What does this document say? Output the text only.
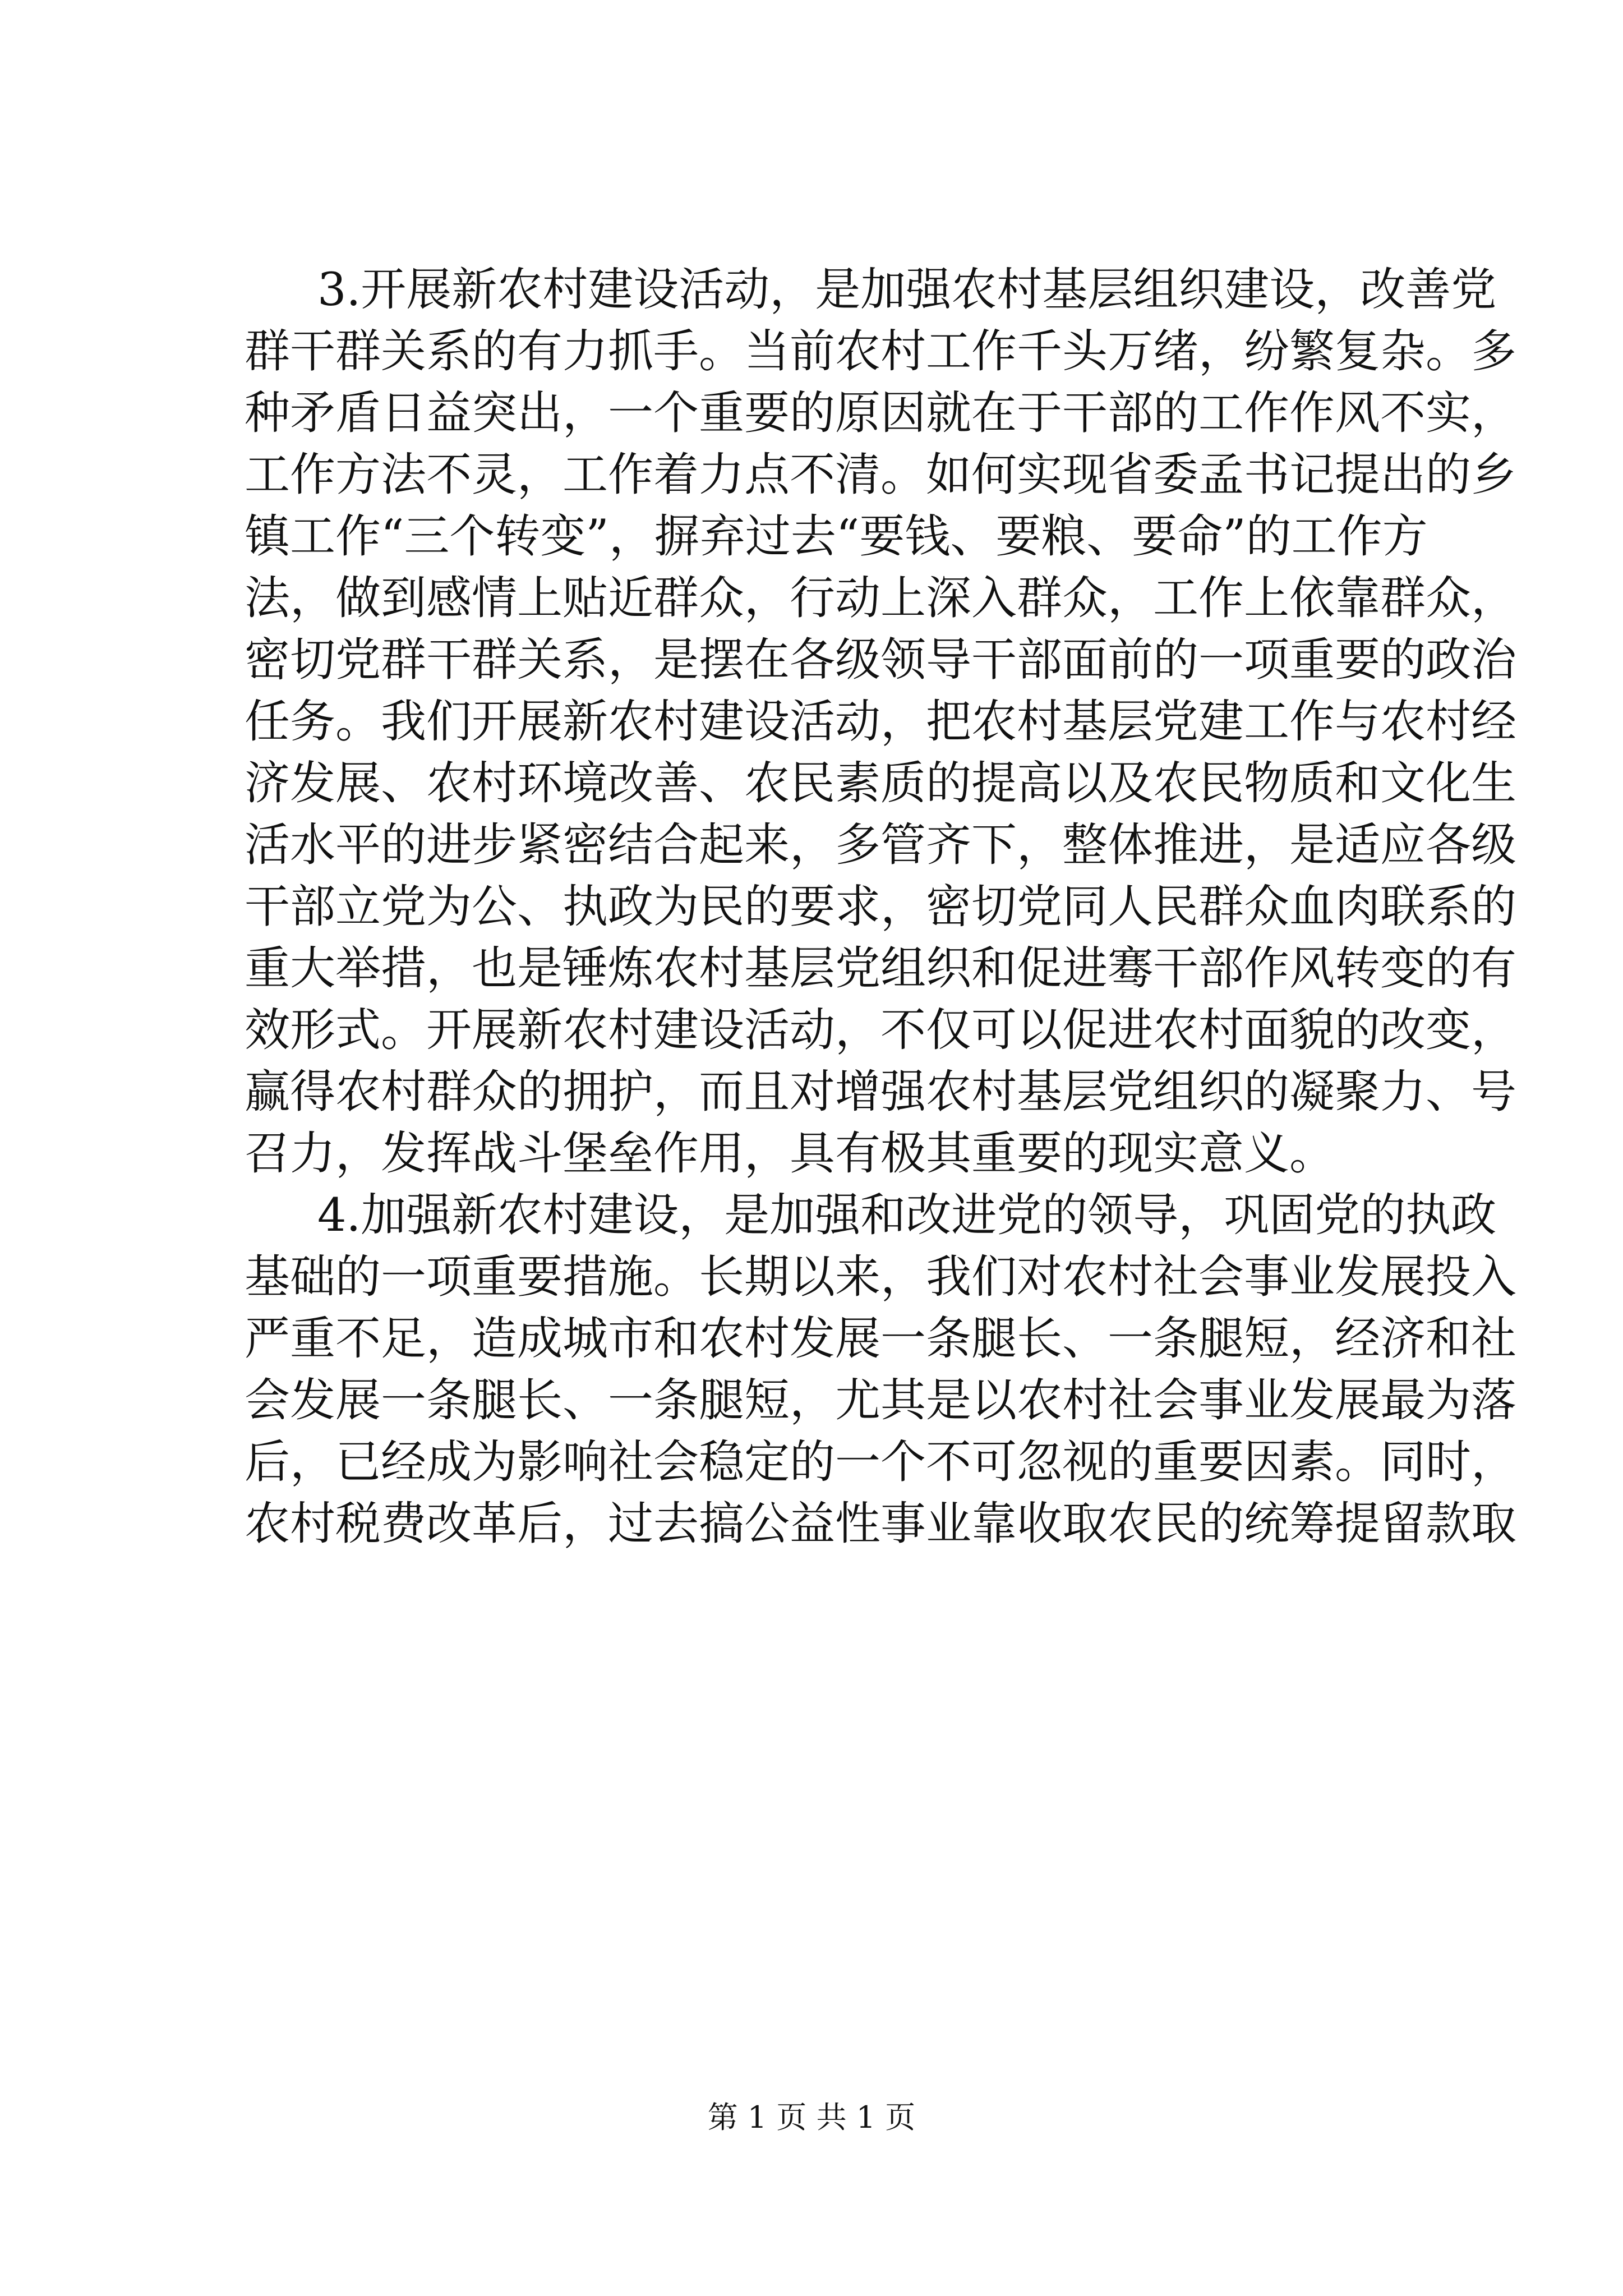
3.开展新农村建设活动，是加强农村基层组织建设，改善党
群干群关系的有力抓手。当前农村工作千头万绪，纷繁复杂。多
种矛盾日益突出，一个重要的原因就在于干部的工作作风不实，
工作方法不灵，工作着力点不清。如何实现省委孟书记提出的乡
镇工作“三个转变”，摒弃过去“要钱、要粮、要命”的工作方
法，做到感情上贴近群众，行动上深入群众，工作上依靠群众，
密切党群干群关系，是摆在各级领导干部面前的一项重要的政治
任务。我们开展新农村建设活动，把农村基层党建工作与农村经
济发展、农村环境改善、农民素质的提高以及农民物质和文化生
活水平的进步紧密结合起来，多管齐下，整体推进，是适应各级
干部立党为公、执政为民的要求，密切党同人民群众血肉联系的
重大举措，也是锤炼农村基层党组织和促进骞干部作风转变的有
效形式。开展新农村建设活动，不仅可以促进农村面貌的改变，
赢得农村群众的拥护，而且对增强农村基层党组织的凝聚力、号
召力，发挥战斗堡垒作用，具有极其重要的现实意义。
4.加强新农村建设，是加强和改进党的领导，巩固党的执政
基础的一项重要措施。长期以来，我们对农村社会事业发展投入
严重不足，造成城市和农村发展一条腿长、一条腿短，经济和社
会发展一条腿长、一条腿短，尤其是以农村社会事业发展最为落
后，已经成为影响社会稳定的一个不可忽视的重要因素。同时，
农村税费改革后，过去搞公益性事业靠收取农民的统筹提留款取
第 1 页 共 1 页
